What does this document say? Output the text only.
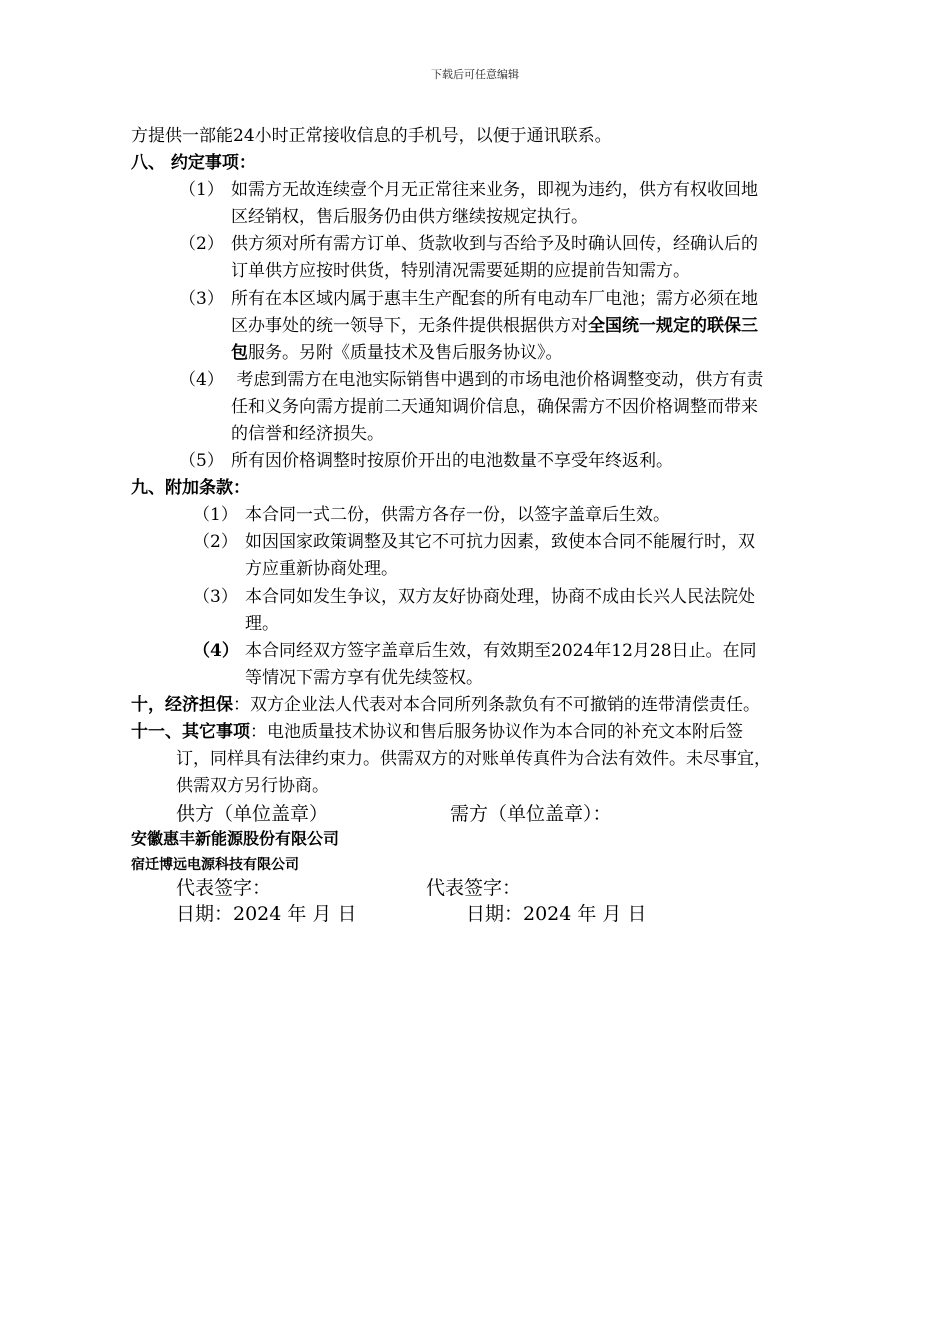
下载后可任意编辑
方提供一部能24小时正常接收信息的手机号，以便于通讯联系。
八、 约定事项：
（1） 如需方无故连续壹个月无正常往来业务，即视为违约，供方有权收回地
区经销权，售后服务仍由供方继续按规定执行。
（2） 供方须对所有需方订单、货款收到与否给予及时确认回传，经确认后的
订单供方应按时供货，特别清况需要延期的应提前告知需方。
（3） 所有在本区域内属于惠丰生产配套的所有电动车厂电池；需方必须在地
区办事处的统一领导下，无条件提供根据供方对全国统一规定的联保三
包服务。另附《质量技术及售后服务协议》。
（4） 考虑到需方在电池实际销售中遇到的市场电池价格调整变动，供方有责
任和义务向需方提前二天通知调价信息，确保需方不因价格调整而带来
的信誉和经济损失。
（5） 所有因价格调整时按原价开出的电池数量不享受年终返利。
九、附加条款：
（1） 本合同一式二份，供需方各存一份，以签字盖章后生效。
（2） 如因国家政策调整及其它不可抗力因素，致使本合同不能履行时，双
方应重新协商处理。
（3） 本合同如发生争议，双方友好协商处理，协商不成由长兴人民法院处
理。
（4） 本合同经双方签字盖章后生效，有效期至2024年12月28日止。在同
等情况下需方享有优先续签权。
十，经济担保：双方企业法人代表对本合同所列条款负有不可撤销的连带清偿责任。
十一、其它事项：电池质量技术协议和售后服务协议作为本合同的补充文本附后签
订，同样具有法律约束力。供需双方的对账单传真件为合法有效件。未尽事宜，
供需双方另行协商。
供方（单位盖章）	需方（单位盖章）：
安徽惠丰新能源股份有限公司
宿迁博远电源科技有限公司
代表签字：	代表签字：
日期：2024 年 月 日	日期：2024 年 月 日
